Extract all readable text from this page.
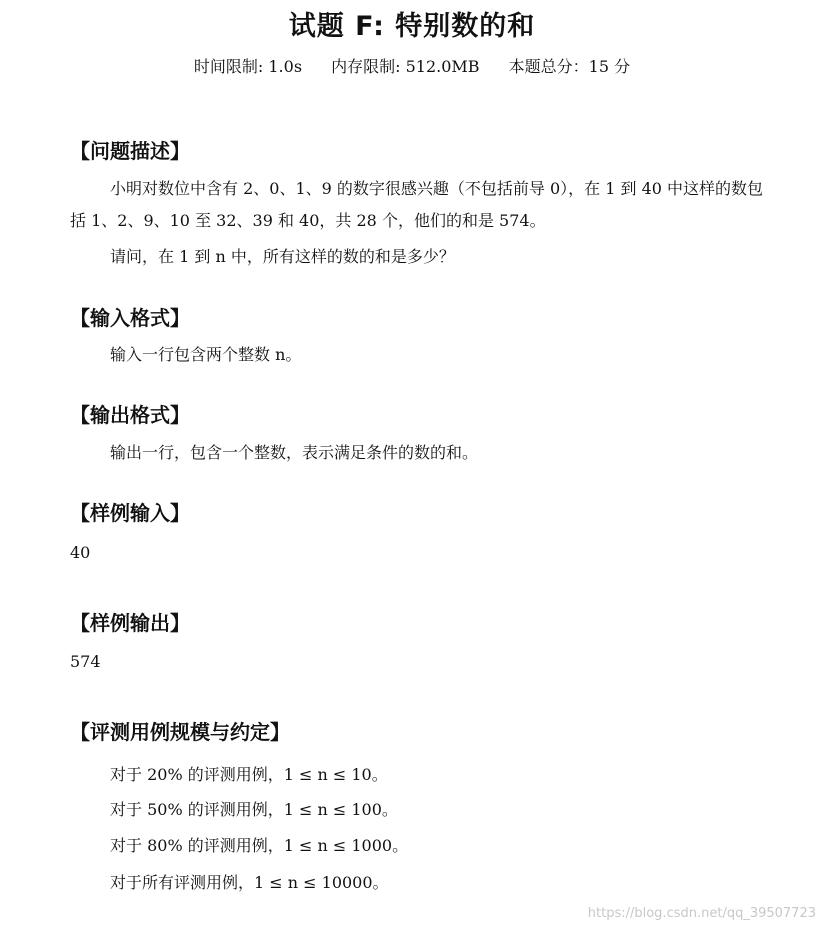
试题 F: 特别数的和
时间限制: 1.0s 内存限制: 512.0MB 本题总分：15 分
【问题描述】
小明对数位中含有 2、0、1、9 的数字很感兴趣（不包括前导 0），在 1 到 40 中这样的数包括 1、2、9、10 至 32、39 和 40，共 28 个，他们的和是 574。
请问，在 1 到 n 中，所有这样的数的和是多少？
【输入格式】
输入一行包含两个整数 n。
【输出格式】
输出一行，包含一个整数，表示满足条件的数的和。
【样例输入】
40
【样例输出】
574
【评测用例规模与约定】
对于 20% 的评测用例，1 ≤ n ≤ 10。
对于 50% 的评测用例，1 ≤ n ≤ 100。
对于 80% 的评测用例，1 ≤ n ≤ 1000。
对于所有评测用例，1 ≤ n ≤ 10000。
https://blog.csdn.net/qq_39507723
